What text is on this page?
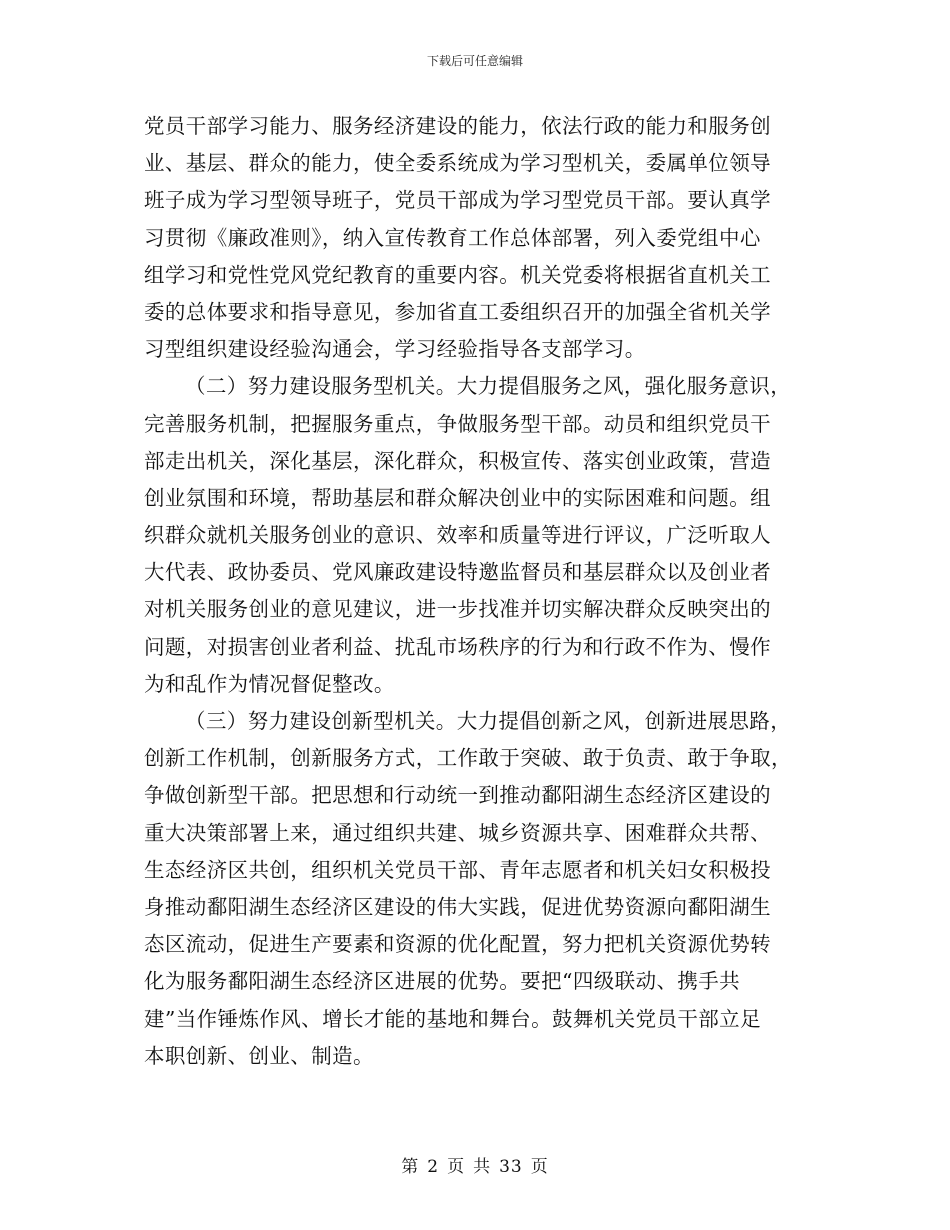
下载后可任意编辑
党员干部学习能力、服务经济建设的能力，依法行政的能力和服务创
业、基层、群众的能力，使全委系统成为学习型机关，委属单位领导
班子成为学习型领导班子，党员干部成为学习型党员干部。要认真学
习贯彻《廉政准则》，纳入宣传教育工作总体部署，列入委党组中心
组学习和党性党风党纪教育的重要内容。机关党委将根据省直机关工
委的总体要求和指导意见，参加省直工委组织召开的加强全省机关学
习型组织建设经验沟通会，学习经验指导各支部学习。
（二）努力建设服务型机关。大力提倡服务之风，强化服务意识，
完善服务机制，把握服务重点，争做服务型干部。动员和组织党员干
部走出机关，深化基层，深化群众，积极宣传、落实创业政策，营造
创业氛围和环境，帮助基层和群众解决创业中的实际困难和问题。组
织群众就机关服务创业的意识、效率和质量等进行评议，广泛听取人
大代表、政协委员、党风廉政建设特邀监督员和基层群众以及创业者
对机关服务创业的意见建议，进一步找准并切实解决群众反映突出的
问题，对损害创业者利益、扰乱市场秩序的行为和行政不作为、慢作
为和乱作为情况督促整改。
（三）努力建设创新型机关。大力提倡创新之风，创新进展思路，
创新工作机制，创新服务方式，工作敢于突破、敢于负责、敢于争取，
争做创新型干部。把思想和行动统一到推动鄱阳湖生态经济区建设的
重大决策部署上来，通过组织共建、城乡资源共享、困难群众共帮、
生态经济区共创，组织机关党员干部、青年志愿者和机关妇女积极投
身推动鄱阳湖生态经济区建设的伟大实践，促进优势资源向鄱阳湖生
态区流动，促进生产要素和资源的优化配置，努力把机关资源优势转
化为服务鄱阳湖生态经济区进展的优势。要把“四级联动、携手共
建”当作锤炼作风、增长才能的基地和舞台。鼓舞机关党员干部立足
本职创新、创业、制造。
第 2 页 共 33 页
